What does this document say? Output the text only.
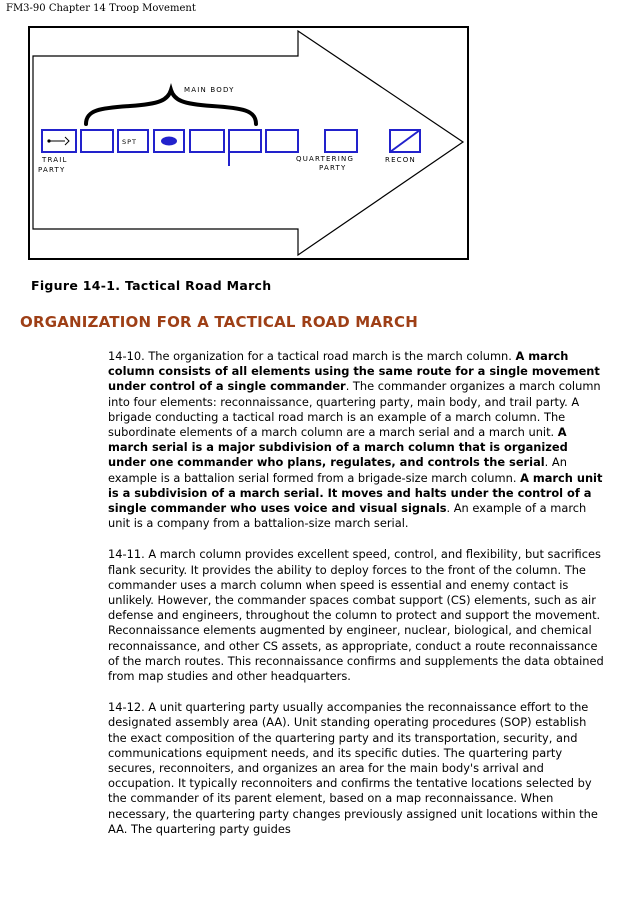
FM3-90 Chapter 14 Troop Movement
MAIN BODY
SPT
TRAIL
PARTY
QUARTERING
PARTY
RECON
Figure 14-1. Tactical Road March
ORGANIZATION FOR A TACTICAL ROAD MARCH

14-10. The organization for a tactical road march is the march column. A march column consists of all elements using the same route for a single movement under control of a single commander. The commander organizes a march column into four elements: reconnaissance, quartering party, main body, and trail party. A brigade conducting a tactical road march is an example of a march column. The subordinate elements of a march column are a march serial and a march unit. A march serial is a major subdivision of a march column that is organized under one commander who plans, regulates, and controls the serial. An example is a battalion serial formed from a brigade-size march column. A march unit is a subdivision of a march serial. It moves and halts under the control of a single commander who uses voice and visual signals. An example of a march unit is a company from a battalion-size march serial.

14-11. A march column provides excellent speed, control, and flexibility, but sacrifices flank security. It provides the ability to deploy forces to the front of the column. The commander uses a march column when speed is essential and enemy contact is unlikely. However, the commander spaces combat support (CS) elements, such as air defense and engineers, throughout the column to protect and support the movement. Reconnaissance elements augmented by engineer, nuclear, biological, and chemical reconnaissance, and other CS assets, as appropriate, conduct a route reconnaissance of the march routes. This reconnaissance confirms and supplements the data obtained from map studies and other headquarters.

14-12. A unit quartering party usually accompanies the reconnaissance effort to the designated assembly area (AA). Unit standing operating procedures (SOP) establish the exact composition of the quartering party and its transportation, security, and communications equipment needs, and its specific duties. The quartering party secures, reconnoiters, and organizes an area for the main body's arrival and occupation. It typically reconnoiters and confirms the tentative locations selected by the commander of its parent element, based on a map reconnaissance. When necessary, the quartering party changes previously assigned unit locations within the AA. The quartering party guides
